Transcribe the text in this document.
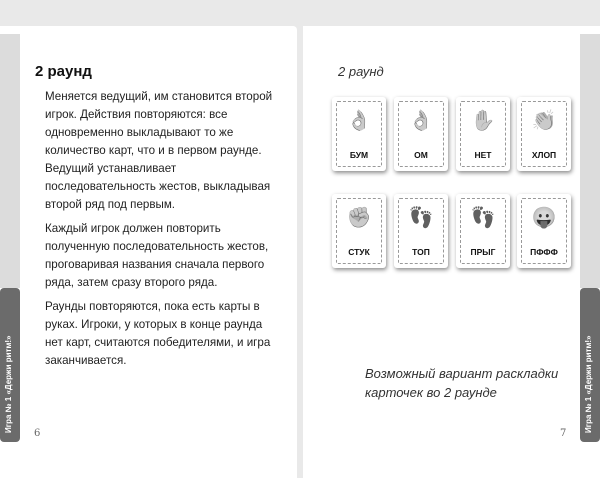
Игра № 1 «Держи ритм!»
2 раунд

Меняется ведущий, им становится второй игрок. Действия повторяются: все одновременно выкладывают то же количество карт, что и в первом раунде. Ведущий устанавливает последовательность жестов, выкладывая второй ряд под первым.

Каждый игрок должен повторить полученную последовательность жестов, проговаривая названия сначала первого ряда, затем сразу второго ряда.

Раунды повторяются, пока есть карты в руках. Игроки, у которых в конце раунда нет карт, считаются победителями, и игра заканчивается.

6
Игра № 1 «Держи ритм!»
2 раунд
👌
БУМ
👌
ОМ
✋
НЕТ
👏
ХЛОП
✊
СТУК
👣
ТОП
👣
ПРЫГ
😛
ПФФФ
Возможный вариант раскладки карточек во 2 раунде
7
